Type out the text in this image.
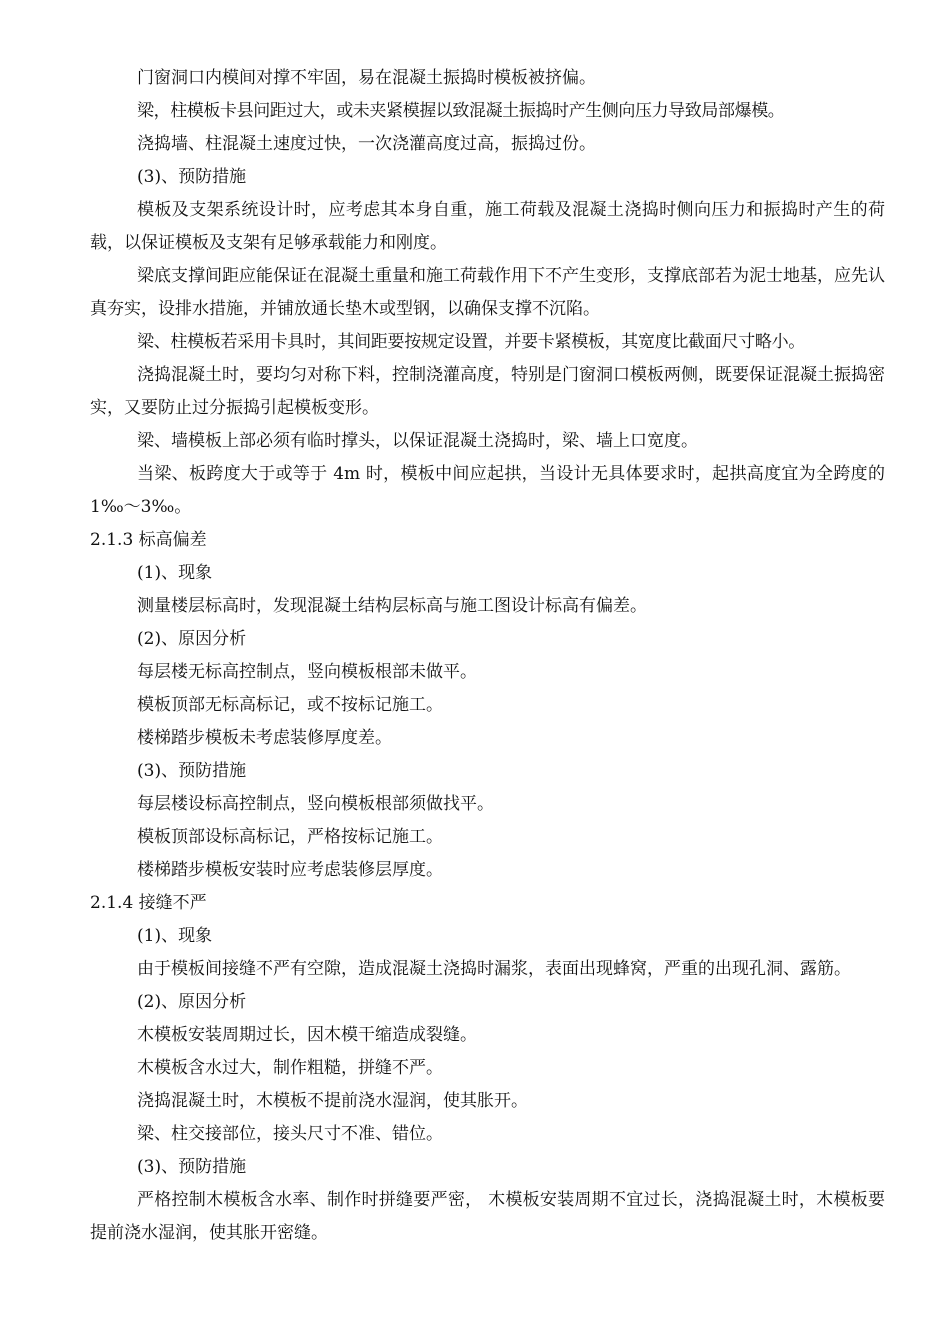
门窗洞口内模间对撑不牢固，易在混凝土振捣时模板被挤偏。

梁，柱模板卡县问距过大，或未夹紧模握以致混凝土振捣时产生侧向压力导致局部爆模。

浇捣墙、柱混凝土速度过快，一次浇灌高度过高，振捣过份。

(3)、预防措施

模板及支架系统设计时，应考虑其本身自重，施工荷载及混凝土浇捣时侧向压力和振捣时产生的荷载，以保证模板及支架有足够承载能力和刚度。

梁底支撑间距应能保证在混凝土重量和施工荷载作用下不产生变形，支撑底部若为泥士地基，应先认真夯实，设排水措施，并铺放通长垫木或型钢，以确保支撑不沉陷。

梁、柱模板若采用卡具时，其间距要按规定设置，并要卡紧模板，其宽度比截面尺寸略小。

浇捣混凝土时，要均匀对称下料，控制浇灌高度，特别是门窗洞口模板两侧，既要保证混凝土振捣密实，又要防止过分振捣引起模板变形。

梁、墙模板上部必须有临时撑头，以保证混凝土浇捣时，梁、墙上口宽度。

当梁、板跨度大于或等于 4m 时，模板中间应起拱，当设计无具体要求时，起拱高度宜为全跨度的 1‰～3‰。

2.1.3 标高偏差

(1)、现象

测量楼层标高时，发现混凝土结构层标高与施工图设计标高有偏差。

(2)、原因分析

每层楼无标高控制点，竖向模板根部未做平。

模板顶部无标高标记，或不按标记施工。

楼梯踏步模板未考虑装修厚度差。

(3)、预防措施

每层楼设标高控制点，竖向模板根部须做找平。

模板顶部设标高标记，严格按标记施工。

楼梯踏步模板安装时应考虑装修层厚度。

2.1.4 接缝不严

(1)、现象

由于模板间接缝不严有空隙，造成混凝土浇捣时漏浆，表面出现蜂窝，严重的出现孔洞、露筋。

(2)、原因分析

木模板安装周期过长，因木模干缩造成裂缝。

木模板含水过大，制作粗糙，拼缝不严。

浇捣混凝土时，木模板不提前浇水湿润，使其胀开。

梁、柱交接部位，接头尺寸不准、错位。

(3)、预防措施

严格控制木模板含水率、制作时拼缝要严密， 木模板安装周期不宜过长，浇捣混凝土时，木模板要提前浇水湿润，使其胀开密缝。
